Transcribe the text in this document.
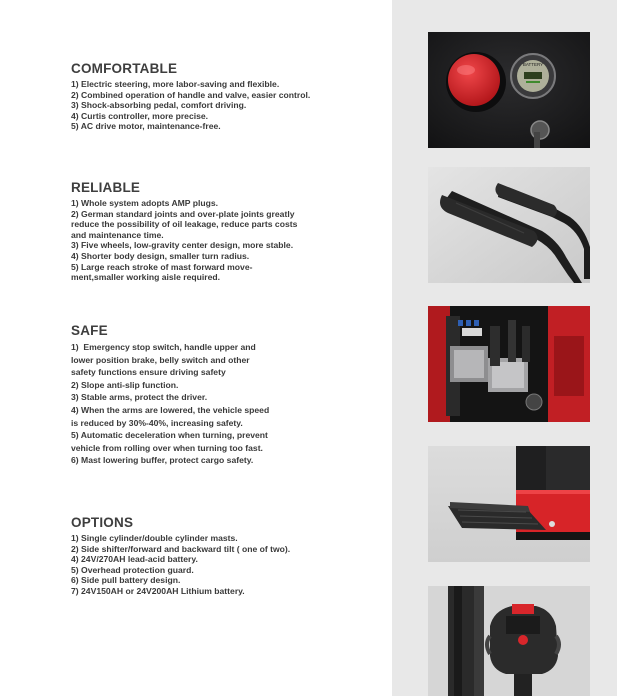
COMFORTABLE
1) Electric steering, more labor-saving and flexible.
2) Combined operation of handle and valve, easier control.
3) Shock-absorbing pedal, comfort driving.
4) Curtis controller, more precise.
5) AC drive motor, maintenance-free.
RELIABLE
1) Whole system adopts AMP plugs.
2) German standard joints and over-plate joints greatly
reduce the possibility of oil leakage, reduce parts costs
and maintenance time.
3) Five wheels, low-gravity center design, more stable.
4) Shorter body design, smaller turn radius.
5) Large reach stroke of mast forward move-
ment,smaller working aisle required.
SAFE
1)  Emergency stop switch, handle upper and
lower position brake, belly switch and other
safety functions ensure driving safety
2) Slope anti-slip function.
3) Stable arms, protect the driver.
4) When the arms are lowered, the vehicle speed
is reduced by 30%-40%, increasing safety.
5) Automatic deceleration when turning, prevent
vehicle from rolling over when turning too fast.
6) Mast lowering buffer, protect cargo safety.
OPTIONS
1) Single cylinder/double cylinder masts.
2) Side shifter/forward and backward tilt ( one of two).
4) 24V/270AH lead-acid battery.
5) Overhead protection guard.
6) Side pull battery design.
7) 24V150AH or 24V200AH Lithium battery.
BATTERY
